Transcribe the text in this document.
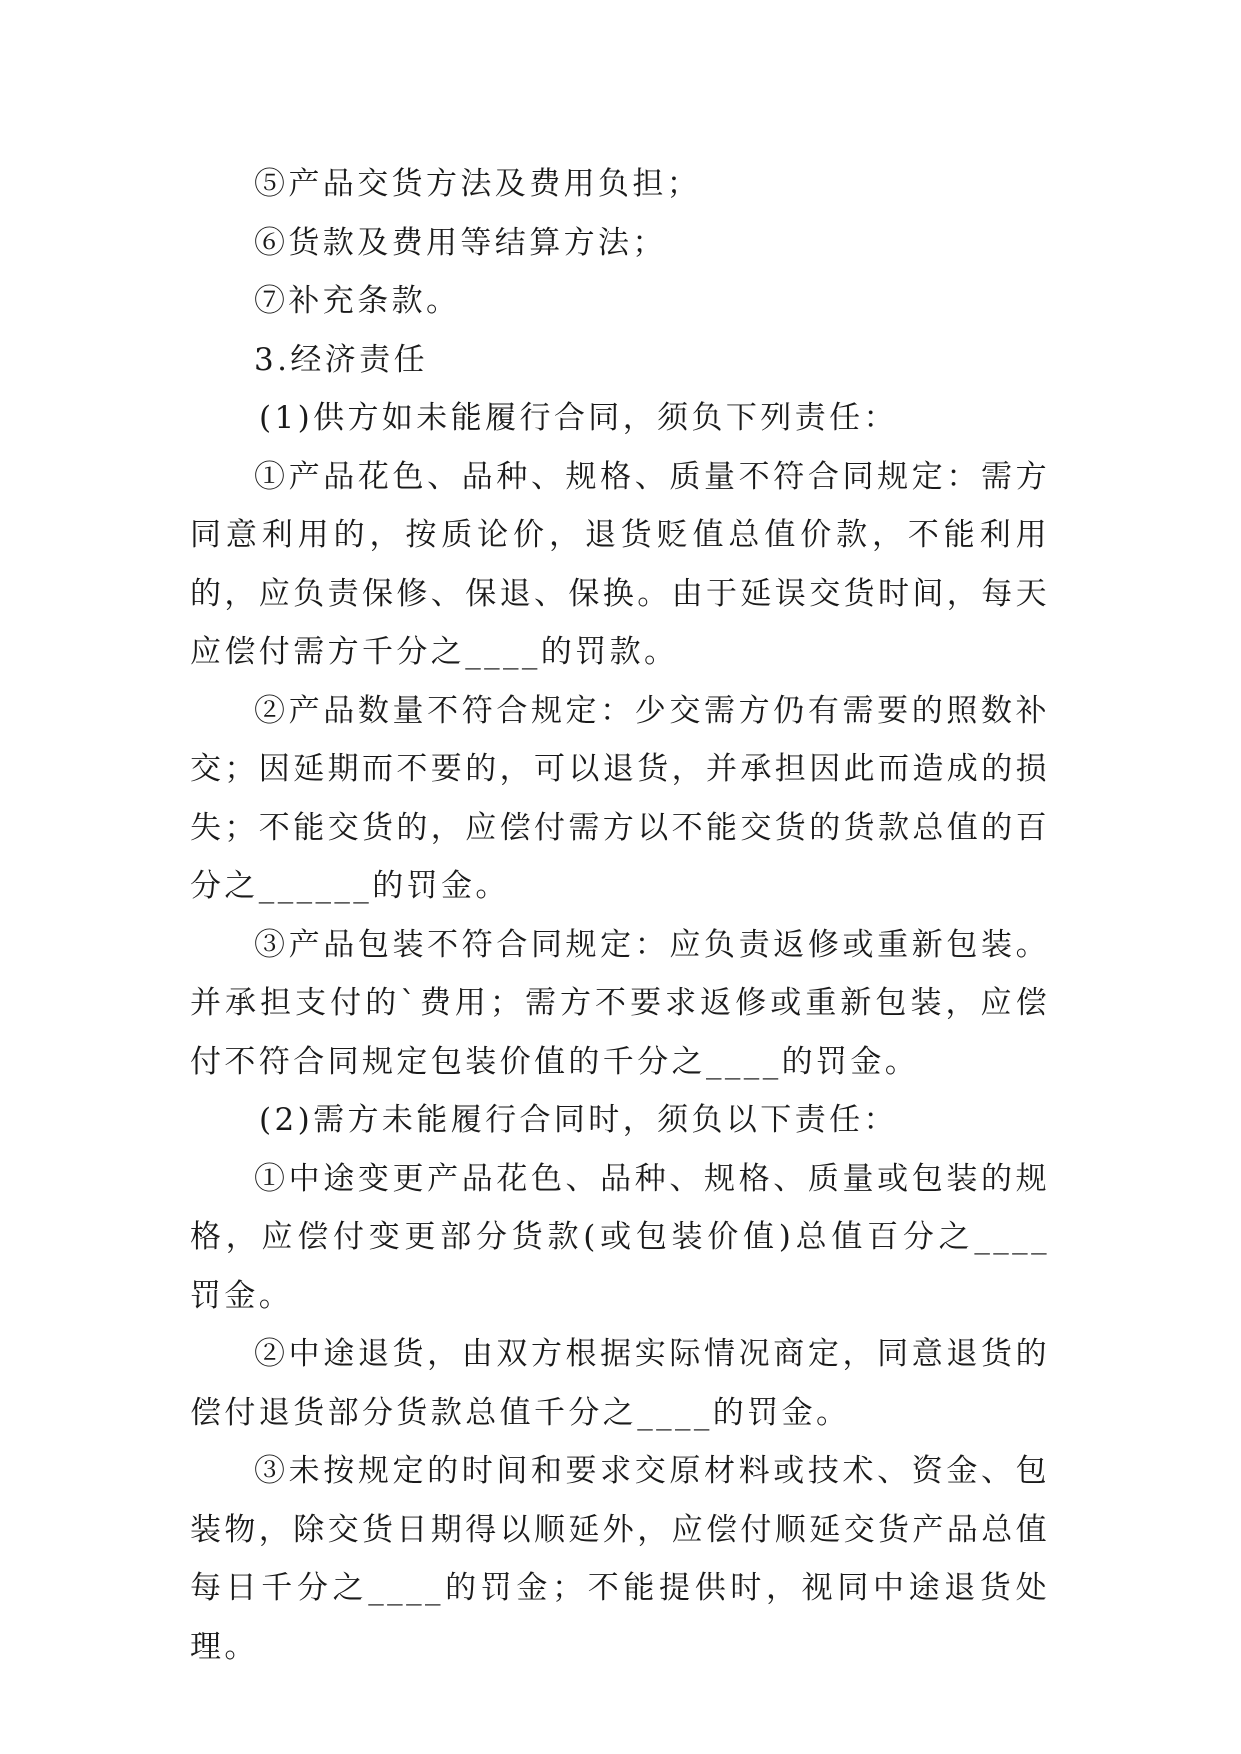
⑤产品交货方法及费用负担；

⑥货款及费用等结算方法；

⑦补充条款。

3.经济责任

(1)供方如未能履行合同，须负下列责任：

①产品花色、品种、规格、质量不符合同规定：需方同意利用的，按质论价，退货贬值总值价款，不能利用的，应负责保修、保退、保换。由于延误交货时间，每天应偿付需方千分之____的罚款。

②产品数量不符合规定：少交需方仍有需要的照数补交；因延期而不要的，可以退货，并承担因此而造成的损失；不能交货的，应偿付需方以不能交货的货款总值的百分之______的罚金。

③产品包装不符合同规定：应负责返修或重新包装。并承担支付的`费用；需方不要求返修或重新包装，应偿付不符合同规定包装价值的千分之____的罚金。

(2)需方未能履行合同时，须负以下责任：

①中途变更产品花色、品种、规格、质量或包装的规格，应偿付变更部分货款(或包装价值)总值百分之____罚金。

②中途退货，由双方根据实际情况商定，同意退货的偿付退货部分货款总值千分之____的罚金。

③未按规定的时间和要求交原材料或技术、资金、包装物，除交货日期得以顺延外，应偿付顺延交货产品总值每日千分之____的罚金；不能提供时，视同中途退货处理。
